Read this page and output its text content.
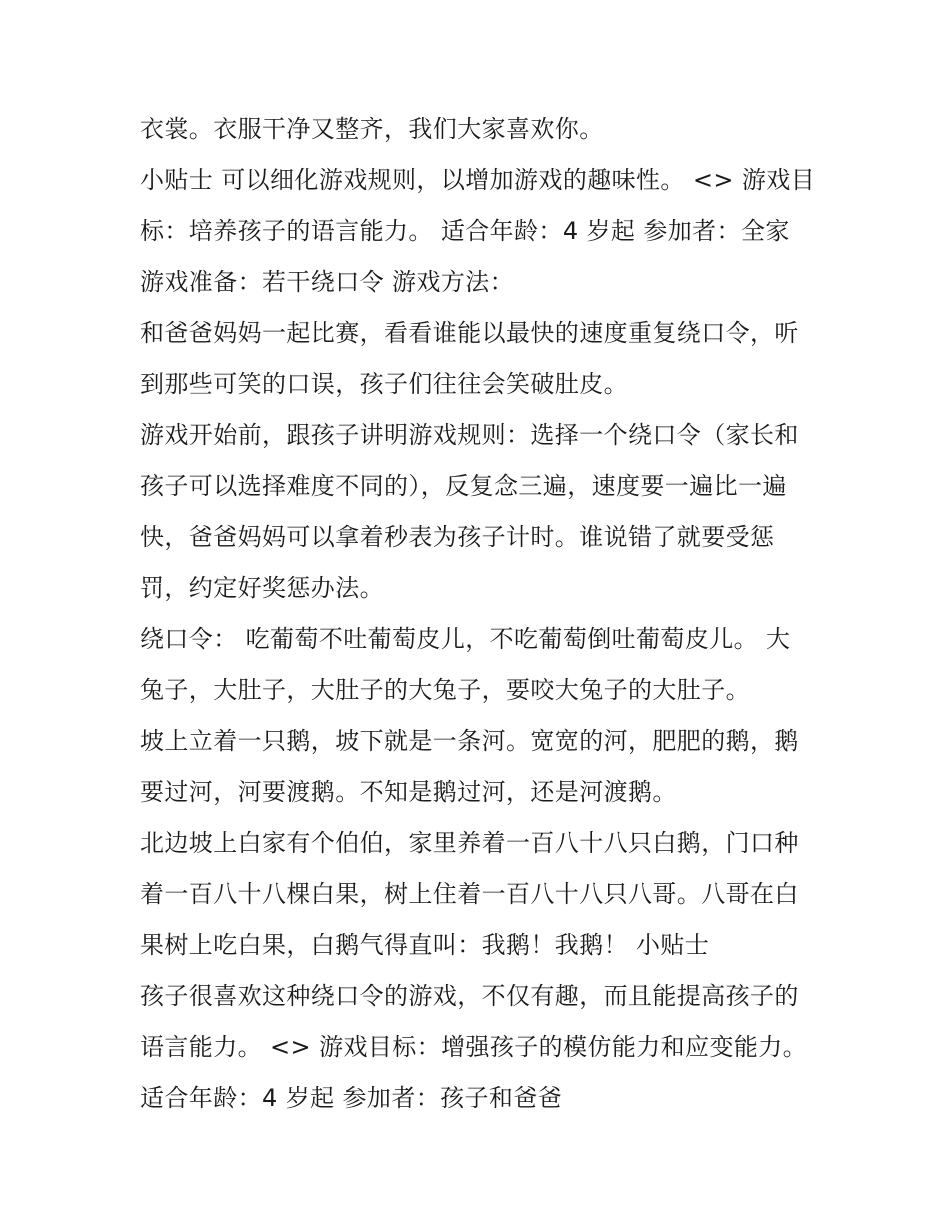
衣裳。衣服干净又整齐，我们大家喜欢你。
小贴士 可以细化游戏规则，以增加游戏的趣味性。 <> 游戏目
标：培养孩子的语言能力。 适合年龄：4 岁起 参加者：全家
游戏准备：若干绕口令 游戏方法：
和爸爸妈妈一起比赛，看看谁能以最快的速度重复绕口令，听
到那些可笑的口误，孩子们往往会笑破肚皮。
游戏开始前，跟孩子讲明游戏规则：选择一个绕口令（家长和
孩子可以选择难度不同的），反复念三遍，速度要一遍比一遍
快，爸爸妈妈可以拿着秒表为孩子计时。谁说错了就要受惩
罚，约定好奖惩办法。
绕口令： 吃葡萄不吐葡萄皮儿，不吃葡萄倒吐葡萄皮儿。 大
兔子，大肚子，大肚子的大兔子，要咬大兔子的大肚子。
坡上立着一只鹅，坡下就是一条河。宽宽的河，肥肥的鹅，鹅
要过河，河要渡鹅。不知是鹅过河，还是河渡鹅。
北边坡上白家有个伯伯，家里养着一百八十八只白鹅，门口种
着一百八十八棵白果，树上住着一百八十八只八哥。八哥在白
果树上吃白果，白鹅气得直叫：我鹅！我鹅！ 小贴士
孩子很喜欢这种绕口令的游戏，不仅有趣，而且能提高孩子的
语言能力。 <> 游戏目标：增强孩子的模仿能力和应变能力。
适合年龄：4 岁起 参加者：孩子和爸爸
